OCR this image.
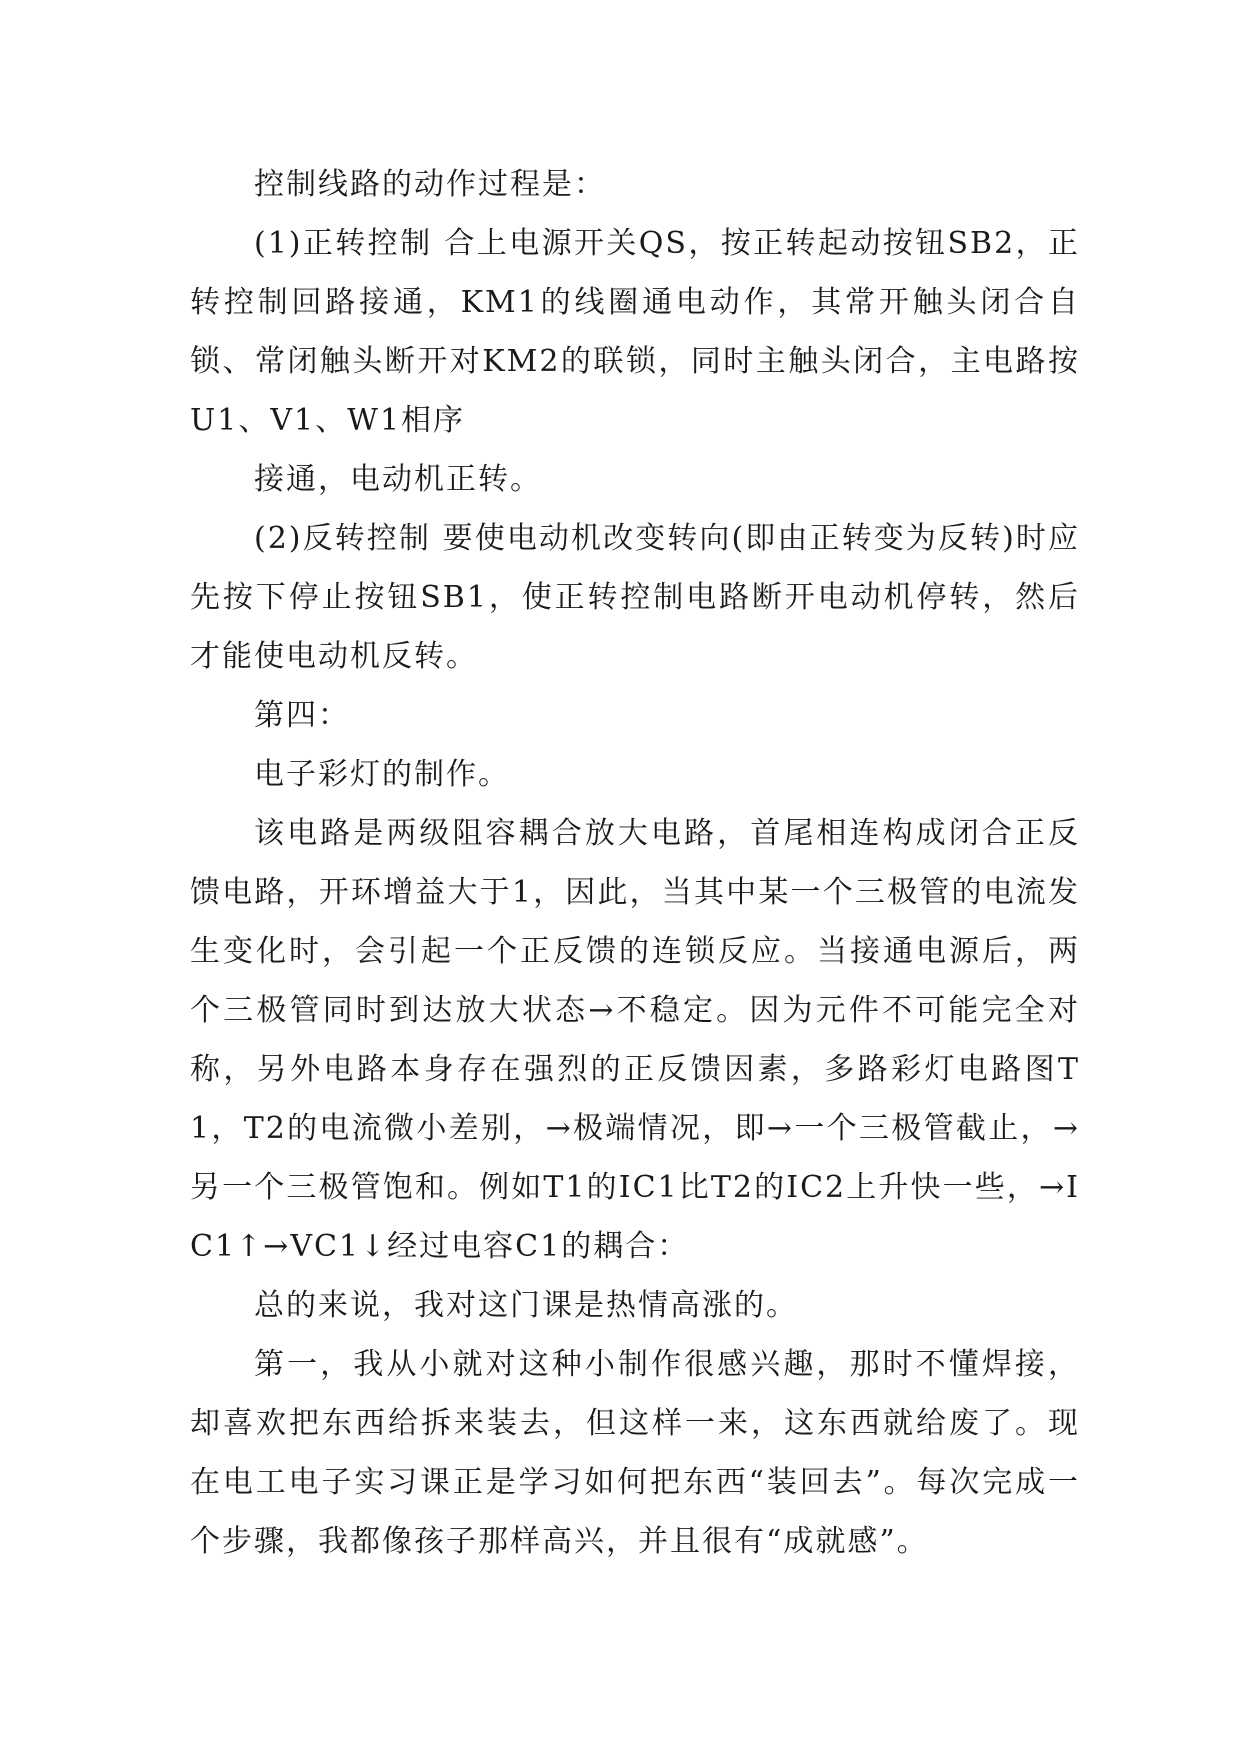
控制线路的动作过程是：

(1)正转控制 合上电源开关QS，按正转起动按钮SB2，正转控制回路接通，KM1的线圈通电动作，其常开触头闭合自锁、常闭触头断开对KM2的联锁，同时主触头闭合，主电路按U1、V1、W1相序

接通，电动机正转。

(2)反转控制 要使电动机改变转向(即由正转变为反转)时应先按下停止按钮SB1，使正转控制电路断开电动机停转，然后才能使电动机反转。

第四：

电子彩灯的制作。

该电路是两级阻容耦合放大电路，首尾相连构成闭合正反馈电路，开环增益大于1，因此，当其中某一个三极管的电流发生变化时，会引起一个正反馈的连锁反应。当接通电源后，两个三极管同时到达放大状态→不稳定。因为元件不可能完全对称，另外电路本身存在强烈的正反馈因素，多路彩灯电路图T1，T2的电流微小差别，→极端情况，即→一个三极管截止，→另一个三极管饱和。例如T1的IC1比T2的IC2上升快一些，→IC1↑→VC1↓经过电容C1的耦合：

总的来说，我对这门课是热情高涨的。

第一，我从小就对这种小制作很感兴趣，那时不懂焊接，却喜欢把东西给拆来装去，但这样一来，这东西就给废了。现在电工电子实习课正是学习如何把东西“装回去”。每次完成一个步骤，我都像孩子那样高兴，并且很有“成就感”。
